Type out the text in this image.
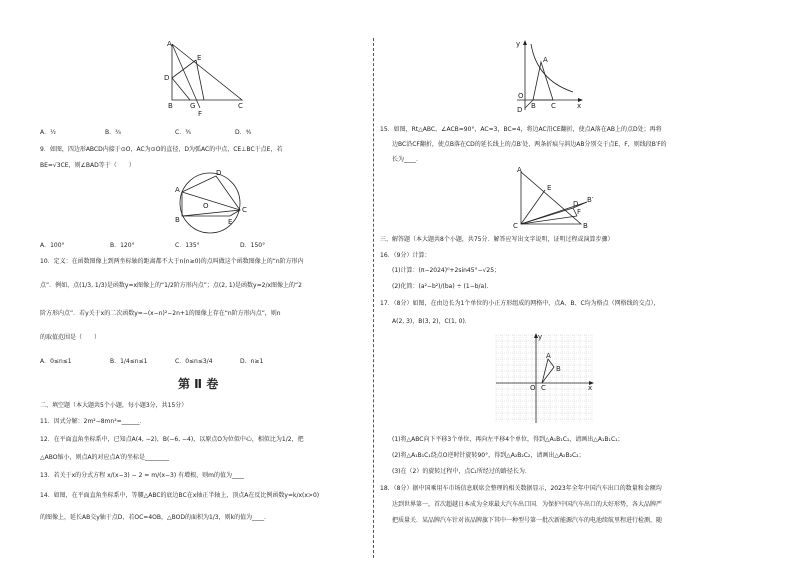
A
E
D
B G	C
F
A．½	B．¾	C．³⁄₅	D．⁴⁄₅
9．如图，四边形ABCD内接于⊙O，AC为⊙O的直径，D为弧AC的中点，CE⊥BC于点E，若
BE=√3CE，则∠BAD等于（　　）
A
D
O
B	E
C
A．100°	B．120°	C．135°	D．150°
10．定义：在函数图像上到两坐标轴的距离都不大于n(n≥0)的点叫做这个函数图像上的“n阶方形内
点”．例如，点(1/3, 1/3)是函数y=x图像上的“1/2阶方形内点”；点(2, 1)是函数y=2/x图像上的“2
阶方形内点”．若y关于x的二次函数y=−(x−n)²−2n+1的图像上存在“n阶方形内点”，则n
的取值范围是（　　）
A．0≤n≤1	B．1/4≤n≤1	C．0≤n≤3/4	D．n≥1
第 Ⅱ 卷
二、填空题（本大题共5个小题，每小题3分，共15分）
11．因式分解：2m²−8mn²=______．
12．在平面直角坐标系中，已知点A(4, −2)，B(−6, −4)，以原点O为位似中心，相似比为1/2，把
△ABO缩小，则点A的对应点A′的坐标是________
13．若关于x的分式方程 x/(x−3) − 2 = m/(x−3) 有增根，则m的值为____
14．如图，在平面直角坐标系中，等腰△ABC的底边BC在x轴正半轴上，顶点A在反比例函数y=k/x(x>0)
的图像上，延长AB交y轴于点D，若OC=4OB，△BOD的面积为1/3，则k的值为____．
y
A
D
O
B C	x
15．如图，Rt△ABC，∠ACB=90°，AC=3，BC=4，将边AC沿CE翻折，使点A落在AB上的点D处；再将
边BC沿CF翻折，使点B落在CD的延长线上的点B′处，两条折痕与斜边AB分别交于点E、F，则线段B′F的
长为____．
A
E
D B′
F
C	B
三、解答题（本大题共8个小题，共75分．解答应写出文字说明，证明过程或演算步骤）
16．（9分）计算：
(1)计算：(π−2024)⁰+2sin45°−√25；
(2)化简：(a²−b²)/(ba) ÷ (1−b/a)．
17．（8分）如图，在由边长为1个单位的小正方形组成的网格中，点A、B、C均为格点（网格线的交点），
A(2, 3)，B(3, 2)，C(1, 0)．
y
A
B
O C	x
(1)将△ABC向下平移3个单位，再向左平移4个单位，得到△A₁B₁C₁，请画出△A₁B₁C₁；
(2)将△A₁B₁C₁绕点O逆时针旋转90°，得到△A₂B₂C₂，请画出△A₂B₂C₂；
(3)在（2）的旋转过程中，点C₁所经过的路径长为．
18．（8分）据中国乘用车市场信息联席会整理的相关数据显示，2023年全年中国汽车出口的数量和金额均
达到世界第一，首次超越日本成为全球最大汽车出口国．为保护中国汽车出口的大好形势，各大品牌严
把质量关．某品牌汽车针对该品牌旗下其中一种型号第一批次新能源汽车的电池续航里程进行检测，随
